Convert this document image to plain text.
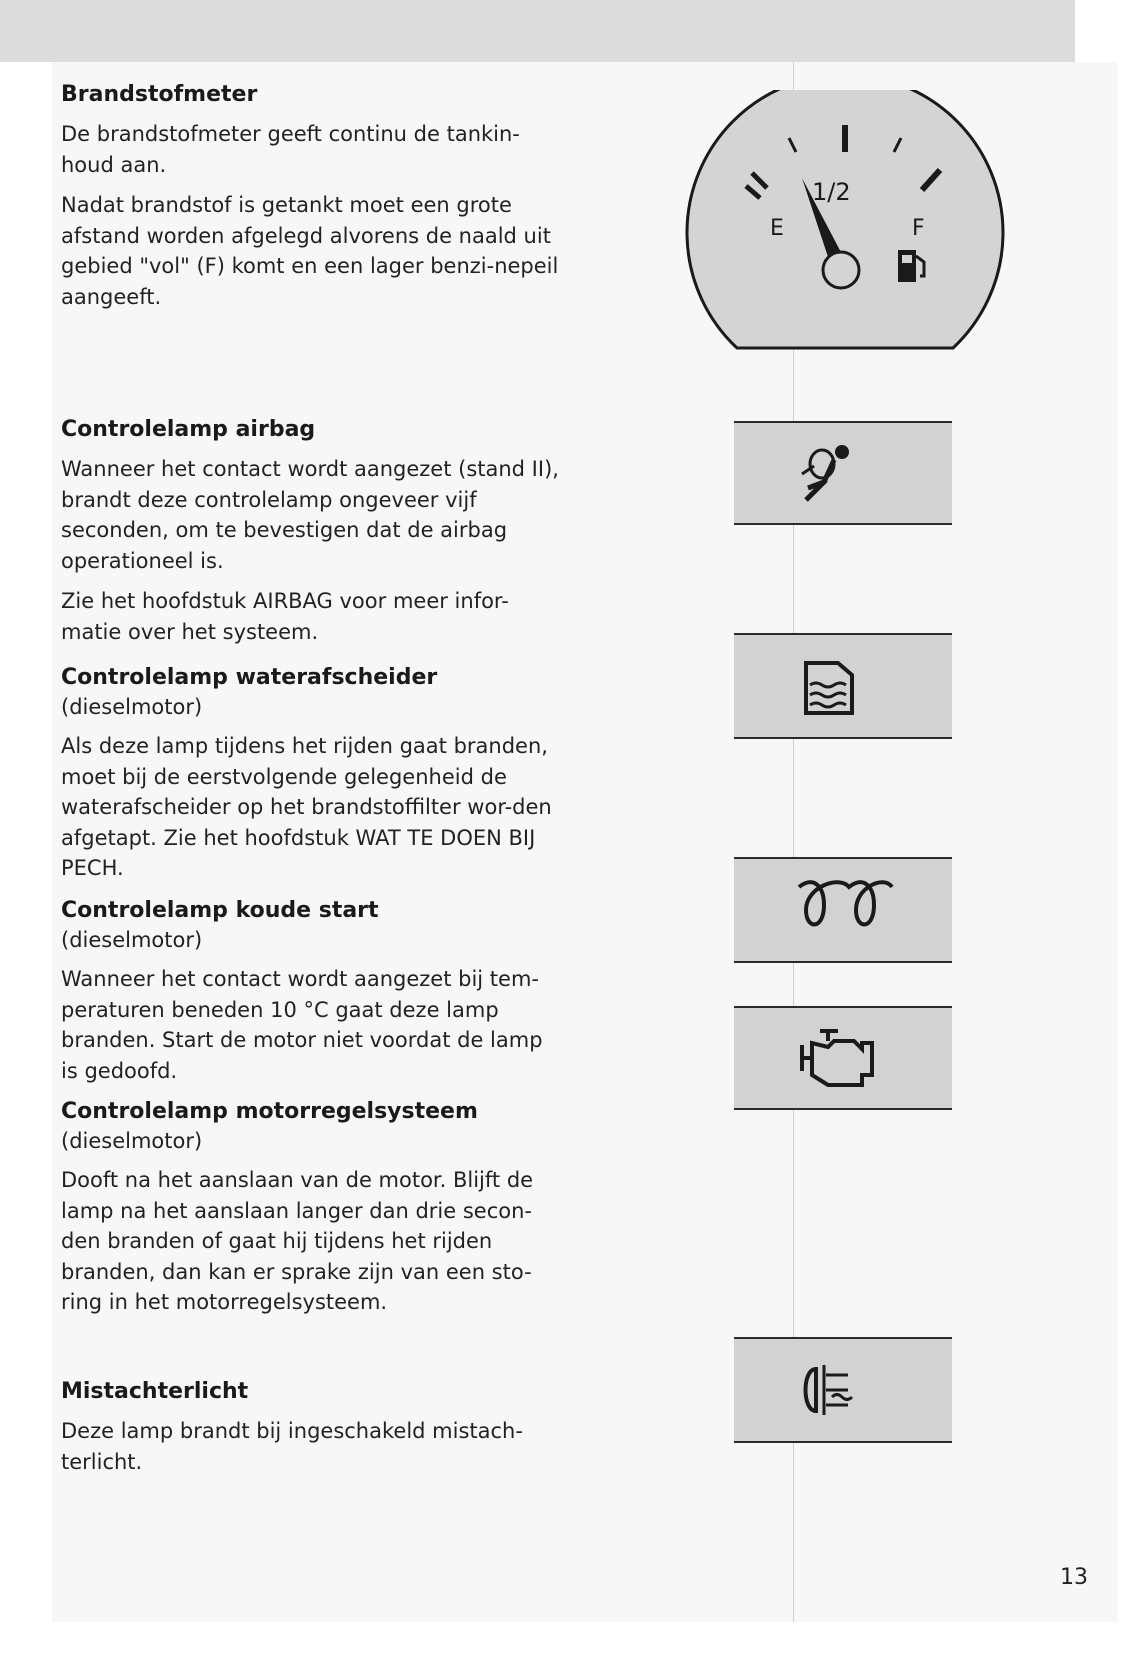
Brandstofmeter

De brandstofmeter geeft continu de tankin-houd aan.

Nadat brandstof is getankt moet een grote afstand worden afgelegd alvorens de naald uit gebied "vol" (F) komt en een lager benzi-nepeil aangeeft.

Controlelamp airbag

Wanneer het contact wordt aangezet (stand II), brandt deze controlelamp ongeveer vijf seconden, om te bevestigen dat de airbag operationeel is.

Zie het hoofdstuk AIRBAG voor meer infor-matie over het systeem.

Controlelamp waterafscheider
(dieselmotor)

Als deze lamp tijdens het rijden gaat branden, moet bij de eerstvolgende gelegenheid de waterafscheider op het brandstoffilter wor-den afgetapt. Zie het hoofdstuk WAT TE DOEN BIJ PECH.

Controlelamp koude start
(dieselmotor)

Wanneer het contact wordt aangezet bij tem-peraturen beneden 10 °C gaat deze lamp branden. Start de motor niet voordat de lamp is gedoofd.

Controlelamp motorregelsysteem
(dieselmotor)

Dooft na het aanslaan van de motor. Blijft de lamp na het aanslaan langer dan drie secon-den branden of gaat hij tijdens het rijden branden, dan kan er sprake zijn van een sto-ring in het motorregelsysteem.

Mistachterlicht

Deze lamp brandt bij ingeschakeld mistach-terlicht.

E
1/2
F
13
